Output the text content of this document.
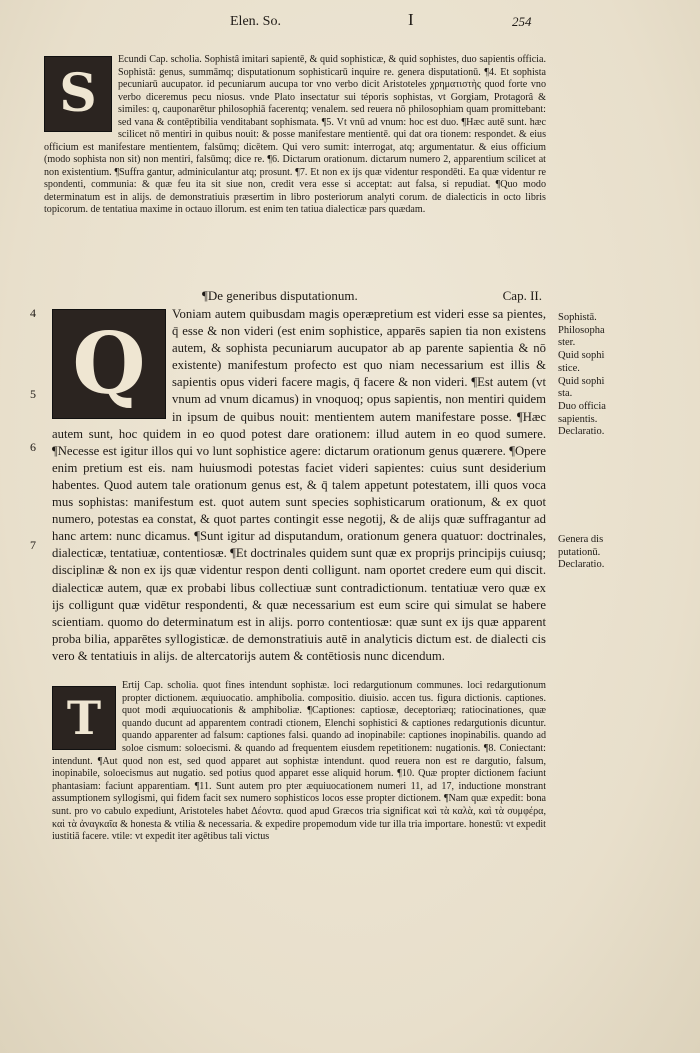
Elen. So.	I	254
S

Ecundi Cap. scholia. Sophistâ imitari sapientē, & quid sophisticæ, & quid sophistes, duo sapientis officia. Sophistā: genus, summāmq; disputationum sophisticarū inquire re. genera disputationū. ¶4. Et sophista pecuniarū aucupator. id pecuniarum aucupa tor vno verbo dicit Aristoteles χρηματιστὴς quod forte vno verbo diceremus pecu niosus. vnde Plato insectatur sui téporis sophistas, vt Gorgiam, Protagorâ & similes: q, cauponarētur philosophiā facerentq; venalem. sed reuera nō philosophiam quam promittebant: sed vana & contēptibilia venditabant sophismata. ¶5. Vt vnū ad vnum: hoc est duo. ¶Hæc autē sunt. hæc scilicet nō mentiri in quibus nouit: & posse manifestare mentientē. qui dat ora tionem: respondet. & eius officium est manifestare mentientem, falsūmq; dicētem. Qui vero sumit: interrogat, atq; argumentatur. & eius officium (modo sophista non sit) non mentiri, falsūmq; dice re. ¶6. Dictarum orationum. dictarum numero 2, apparentium scilicet at non existentium. ¶Suffra gantur, adminiculantur atq; prosunt. ¶7. Et non ex ijs quæ videntur respondēti. Ea quæ videntur re spondenti, communia: & quæ feu ita sit siue non, credit vera esse si acceptat: aut falsa, si repudiat. ¶Quo modo determinatum est in alijs. de demonstratiuis præsertim in libro posteriorum analyti corum. de dialecticis in octo libris topicorum. de tentatiua maxime in octauo illorum. est enim ten tatiua dialecticæ pars quædam.

¶De generibus disputationum.	Cap. II.
4
5
6
7
Q

Voniam autem quibusdam magis operæpretium est videri esse sa pientes, q̄ esse & non videri (est enim sophistice, apparēs sapien tia non existens autem, & sophista pecuniarum aucupator ab ap parente sapientia & nō existente) manifestum profecto est quo niam necessarium est illis & sapientis opus videri facere magis, q̄ facere & non videri. ¶Est autem (vt vnum ad vnum dicamus) in vnoquoq; opus sapientis, non mentiri quidem in ipsum de quibus nouit: mentientem autem manifestare posse. ¶Hæc autem sunt, hoc quidem in eo quod potest dare orationem: illud autem in eo quod sumere. ¶Necesse est igitur illos qui vo lunt sophistice agere: dictarum orationum genus quærere. ¶Opere enim pretium est eis. nam huiusmodi potestas faciet videri sapientes: cuius sunt desiderium habentes. Quod autem tale orationum genus est, & q̄ talem appetunt potestatem, illi quos voca mus sophistas: manifestum est. quot autem sunt species sophisticarum orationum, & ex quot numero, potestas ea constat, & quot partes contingit esse negotij, & de alijs quæ suffragantur ad hanc artem: nunc dicamus. ¶Sunt igitur ad disputandum, orationum genera quatuor: doctrinales, dialecticæ, tentatiuæ, contentiosæ. ¶Et doctrinales quidem sunt quæ ex proprijs principijs cuiusq; disciplinæ & non ex ijs quæ videntur respon denti colligunt. nam oportet credere eum qui discit. dialecticæ autem, quæ ex probabi libus collectiuæ sunt contradictionum. tentatiuæ vero quæ ex ijs colligunt quæ vidētur respondenti, & quæ necessarium est eum scire qui simulat se habere scientiam. quomo do determinatum est in alijs. porro contentiosæ: quæ sunt ex ijs quæ apparent proba bilia, apparētes syllogisticæ. de demonstratiuis autē in analyticis dictum est. de dialecti cis vero & tentatiuis in alijs. de altercatorijs autem & contētiosis nunc dicendum.

Sophistā.
Philosopha
ster.
Quid sophi
stice.
Quid sophi
sta.
Duo officia
sapientis.
Declaratio.
Genera dis
putationū.
Declaratio.
T

Ertij Cap. scholia. quot fines intendunt sophistæ. loci redargutionum communes. loci redargutionum propter dictionem. æquiuocatio. amphibolia. compositio. diuisio. accen tus. figura dictionis. captiones. quot modi æquiuocationis & amphiboliæ. ¶Captiones: captiosæ, deceptoriæq; ratiocinationes, quæ quando ducunt ad apparentem contradi ctionem, Elenchi sophistici & captiones redargutionis dicuntur. quando apparenter ad falsum: captiones falsi. quando ad inopinabile: captiones inopinabilis. quando ad soloe cismum: soloecismi. & quando ad frequentem eiusdem repetitionem: nugationis. ¶8. Coniectant: intendunt. ¶Aut quod non est, sed quod apparet aut sophistæ intendunt. quod reuera non est re dargutio, falsum, inopinabile, soloecismus aut nugatio. sed potius quod apparet esse aliquid horum. ¶10. Quæ propter dictionem faciunt phantasiam: faciunt apparentiam. ¶11. Sunt autem pro pter æquiuocationem numeri 11, ad 17, inductione monstrant assumptionem syllogismi, qui fidem facit sex numero sophisticos locos esse propter dictionem. ¶Nam quæ expedit: bona sunt. pro vo cabulo expediunt, Aristoteles habet Δέοντα. quod apud Græcos tria significat καὶ τὰ καλὰ, καὶ τὰ συμφέρα, καὶ τὰ ἀναγκαῖα & honesta & vtilia & necessaria. & expedire propemodum vide tur illa tria importare. honestū: vt expedit iustitiā facere. vtile: vt expedit iter agētibus tali victus
